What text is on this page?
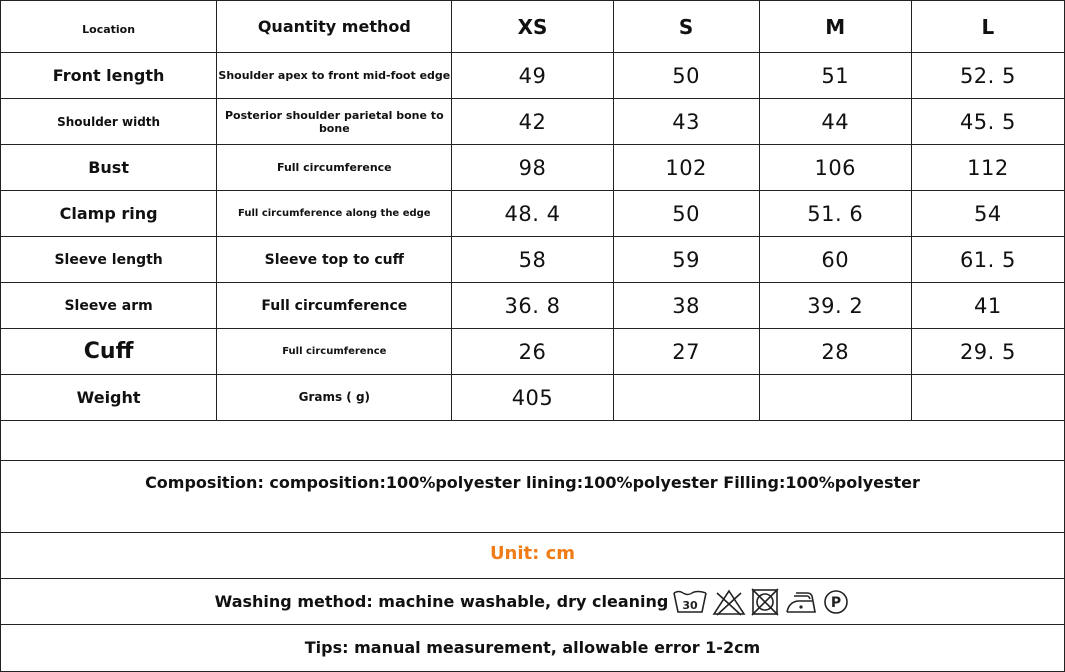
Location	Quantity method	XS	S	M	L
Front length	Shoulder apex to front mid-foot edge	49	50	51	52. 5
Shoulder width	Posterior shoulder parietal bone to bone	42	43	44	45. 5
Bust	Full circumference	98	102	106	112
Clamp ring	Full circumference along the edge	48. 4	50	51. 6	54
Sleeve length	Sleeve top to cuff	58	59	60	61. 5
Sleeve arm	Full circumference	36. 8	38	39. 2	41
Cuff	Full circumference	26	27	28	29. 5
Weight	Grams ( g)	405			
Composition: composition:100%polyester lining:100%polyester Filling:100%polyester
Unit: cm
Washing method: machine washable, dry cleaning 30	P
Tips: manual measurement, allowable error 1-2cm
